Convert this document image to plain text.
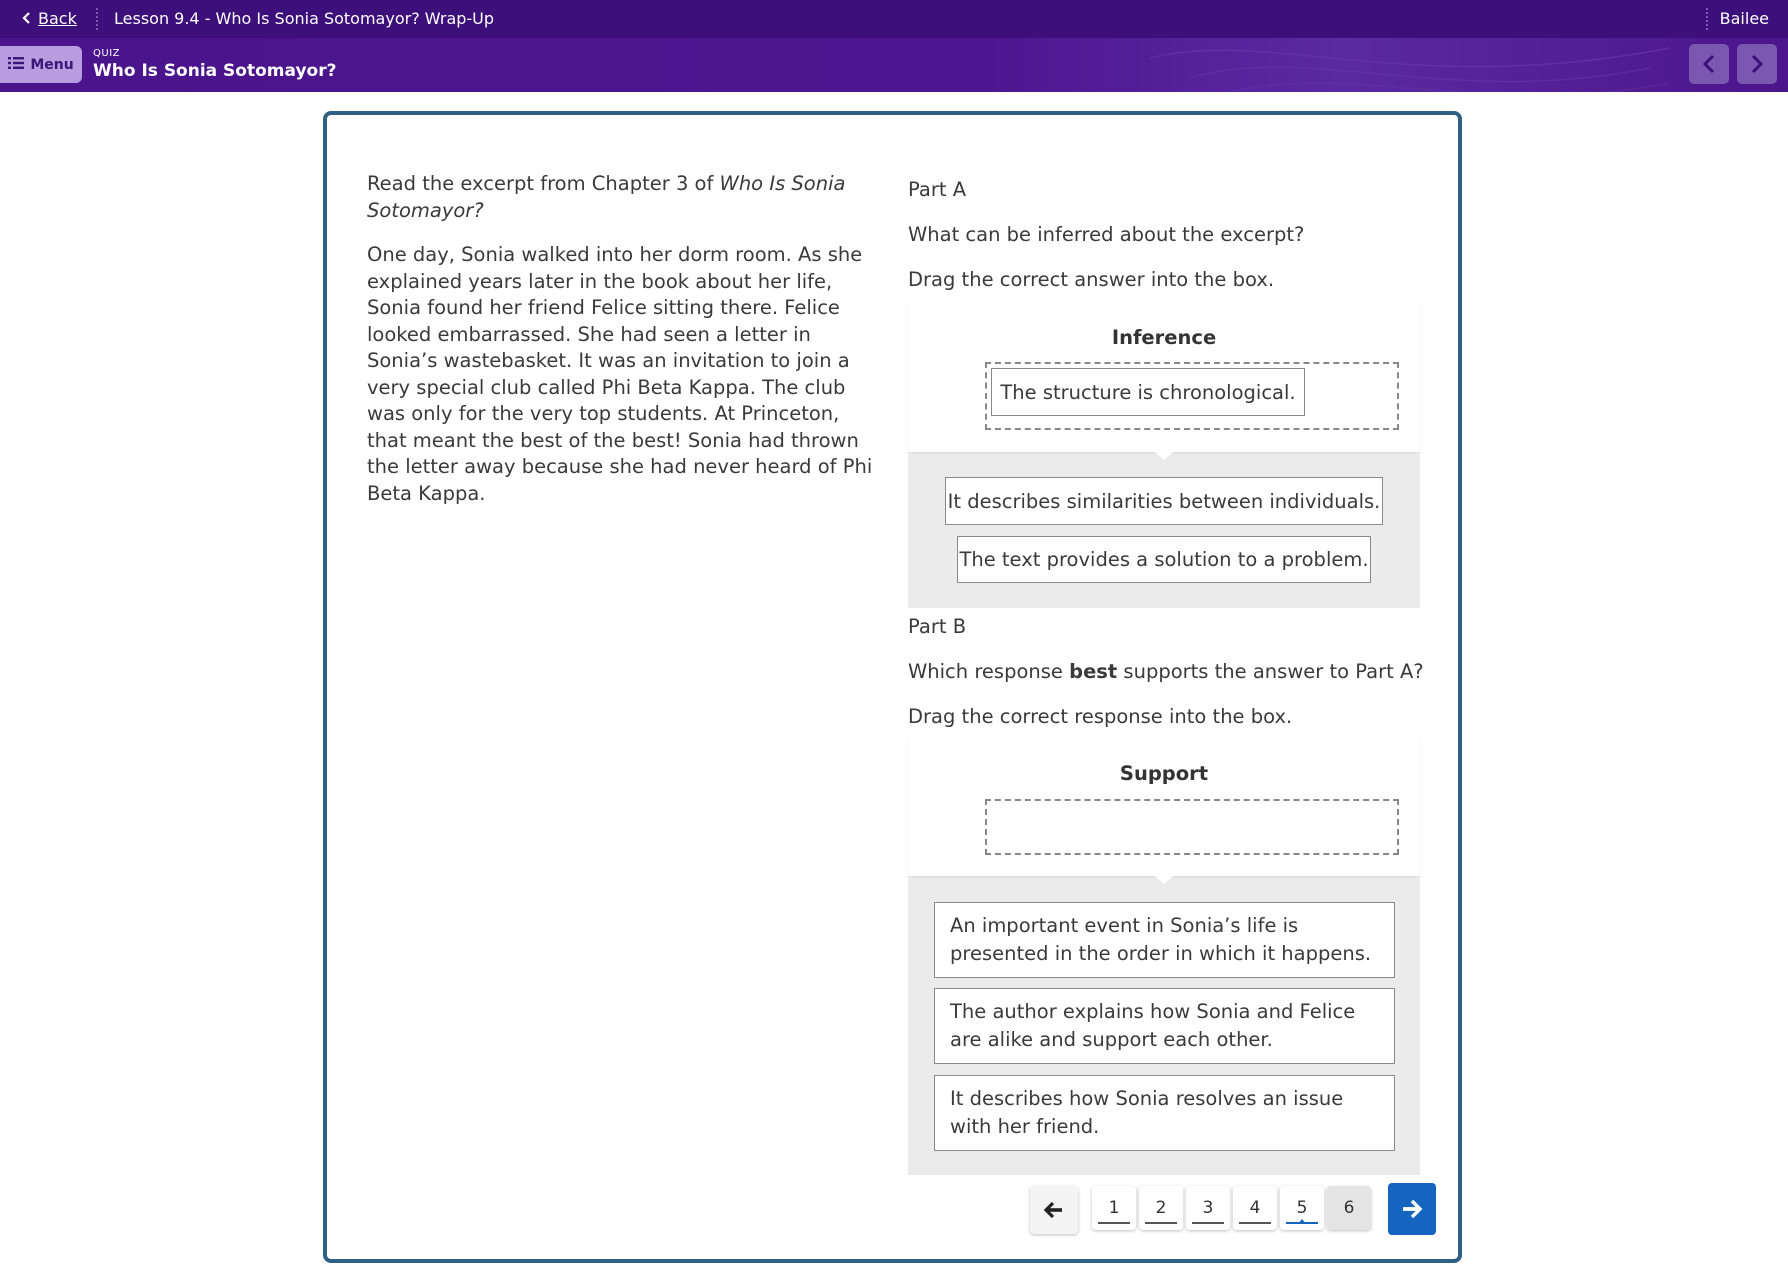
Back Lesson 9.4 - Who Is Sonia Sotomayor? Wrap-Up	Bailee
Menu
QUIZ
Who Is Sonia Sotomayor?

Read the excerpt from Chapter 3 of Who Is Sonia Sotomayor?

One day, Sonia walked into her dorm room. As she explained years later in the book about her life, Sonia found her friend Felice sitting there. Felice looked embarrassed. She had seen a letter in Sonia’s wastebasket. It was an invitation to join a very special club called Phi Beta Kappa. The club was only for the very top students. At Princeton, that meant the best of the best! Sonia had thrown the letter away because she had never heard of Phi Beta Kappa.

Part A
What can be inferred about the excerpt?
Drag the correct answer into the box.
Inference
The structure is chronological.
It describes similarities between individuals.
The text provides a solution to a problem.
Part B
Which response best supports the answer to Part A?
Drag the correct response into the box.
Support
An important event in Sonia’s life is presented in the order in which it happens.
The author explains how Sonia and Felice are alike and support each other.
It describes how Sonia resolves an issue with her friend.
1 2 3 4 5 6
